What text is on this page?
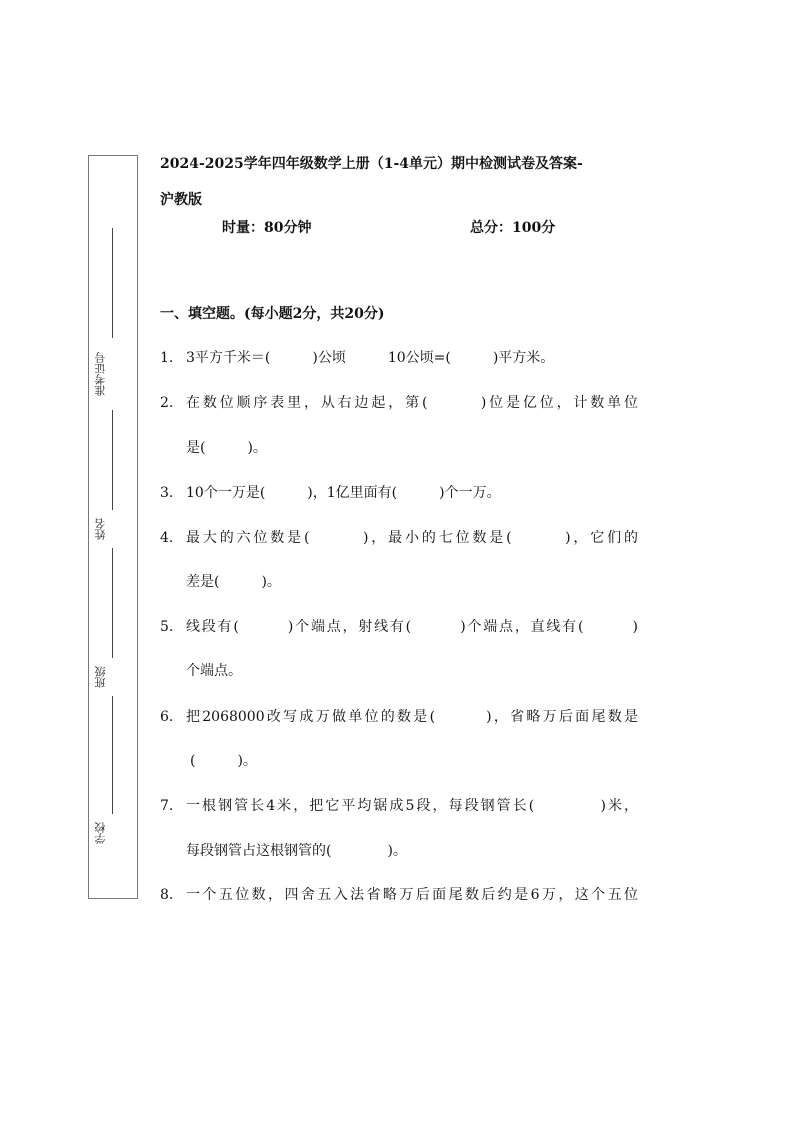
准考证号
姓名
班级
学校
2024-2025学年四年级数学上册（1-4单元）期中检测试卷及答案-
沪教版
时量：80分钟	总分：100分
一、填空题。(每小题2分，共20分)
1. 3平方千米＝(　　　)公顷　　　10公顷=(　　　)平方米。
2. 在数位顺序表里，从右边起，第(　　　)位是亿位，计数单位
是(　　　)。
3. 10个一万是(　　　)，1亿里面有(　　　)个一万。
4. 最大的六位数是(　　　)，最小的七位数是(　　　)，它们的
差是(　　　)。
5. 线段有(　　　)个端点，射线有(　　　)个端点，直线有(　　　)
个端点。
6. 把2068000改写成万做单位的数是(　　　)，省略万后面尾数是
(　　　)。
7. 一根钢管长4米，把它平均锯成5段，每段钢管长(　　　　)米，
每段钢管占这根钢管的(　　　　)。
8. 一个五位数，四舍五入法省略万后面尾数后约是6万，这个五位
